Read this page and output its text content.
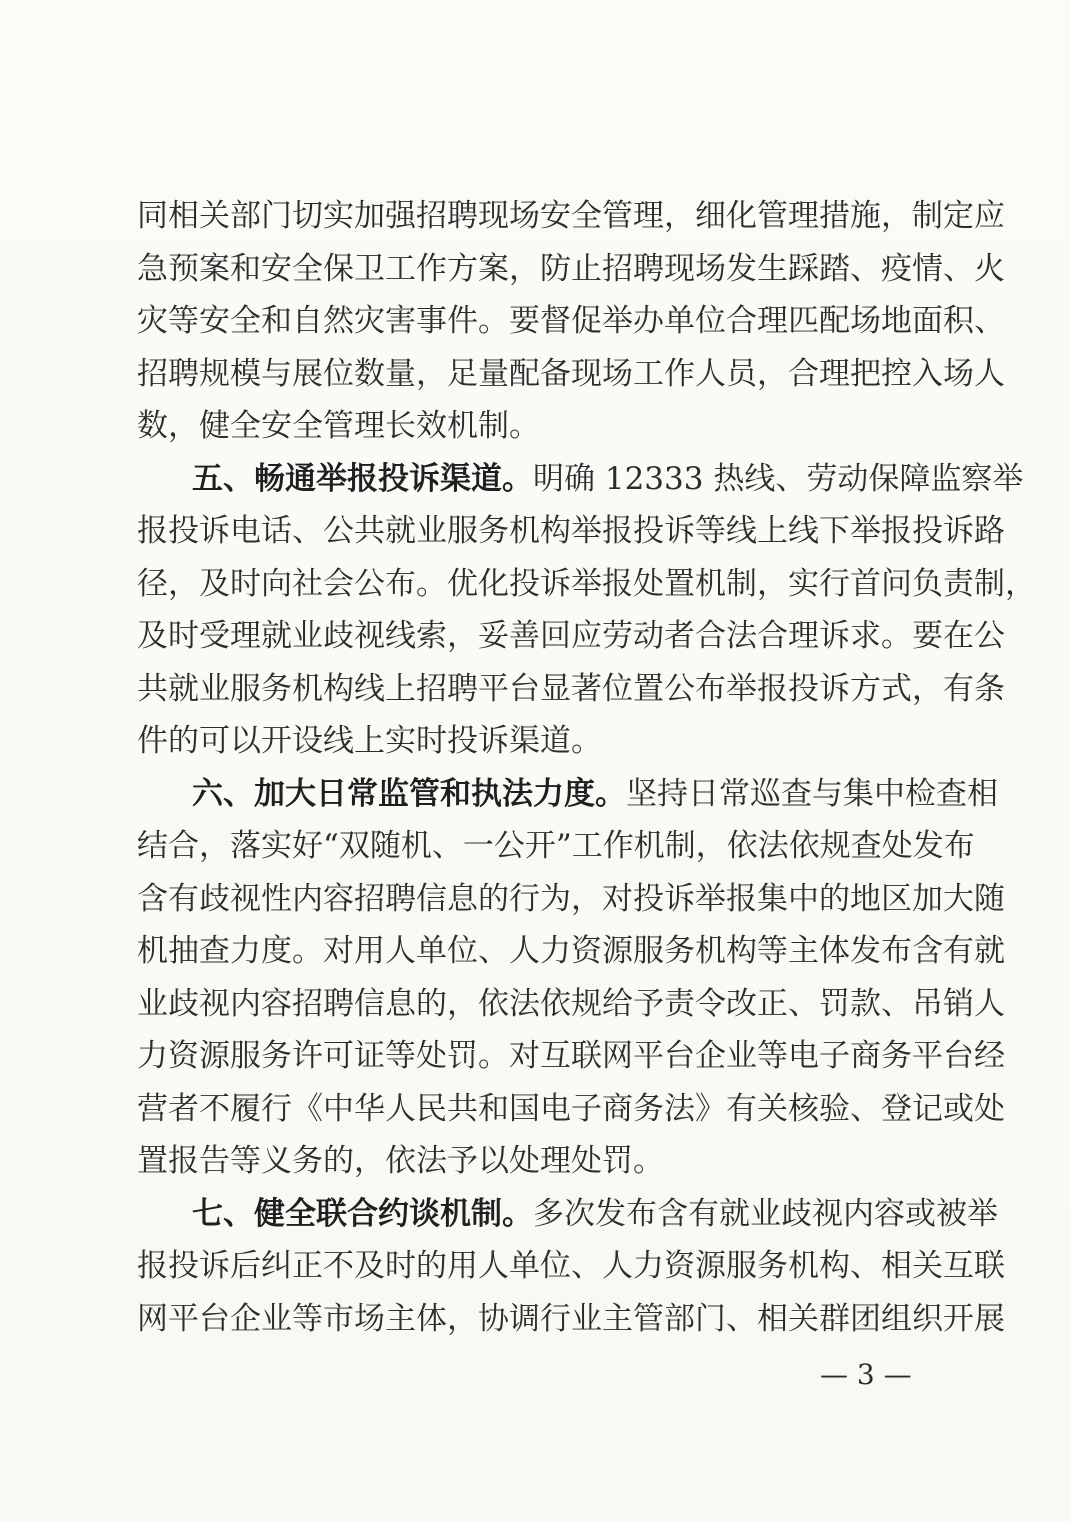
同相关部门切实加强招聘现场安全管理，细化管理措施，制定应
急预案和安全保卫工作方案，防止招聘现场发生踩踏、疫情、火
灾等安全和自然灾害事件。要督促举办单位合理匹配场地面积、
招聘规模与展位数量，足量配备现场工作人员，合理把控入场人
数，健全安全管理长效机制。
五、畅通举报投诉渠道。明确 12333 热线、劳动保障监察举
报投诉电话、公共就业服务机构举报投诉等线上线下举报投诉路
径，及时向社会公布。优化投诉举报处置机制，实行首问负责制，
及时受理就业歧视线索，妥善回应劳动者合法合理诉求。要在公
共就业服务机构线上招聘平台显著位置公布举报投诉方式，有条
件的可以开设线上实时投诉渠道。
六、加大日常监管和执法力度。坚持日常巡查与集中检查相
结合，落实好“双随机、一公开”工作机制，依法依规查处发布
含有歧视性内容招聘信息的行为，对投诉举报集中的地区加大随
机抽查力度。对用人单位、人力资源服务机构等主体发布含有就
业歧视内容招聘信息的，依法依规给予责令改正、罚款、吊销人
力资源服务许可证等处罚。对互联网平台企业等电子商务平台经
营者不履行《中华人民共和国电子商务法》有关核验、登记或处
置报告等义务的，依法予以处理处罚。
七、健全联合约谈机制。多次发布含有就业歧视内容或被举
报投诉后纠正不及时的用人单位、人力资源服务机构、相关互联
网平台企业等市场主体，协调行业主管部门、相关群团组织开展
— 3 —
